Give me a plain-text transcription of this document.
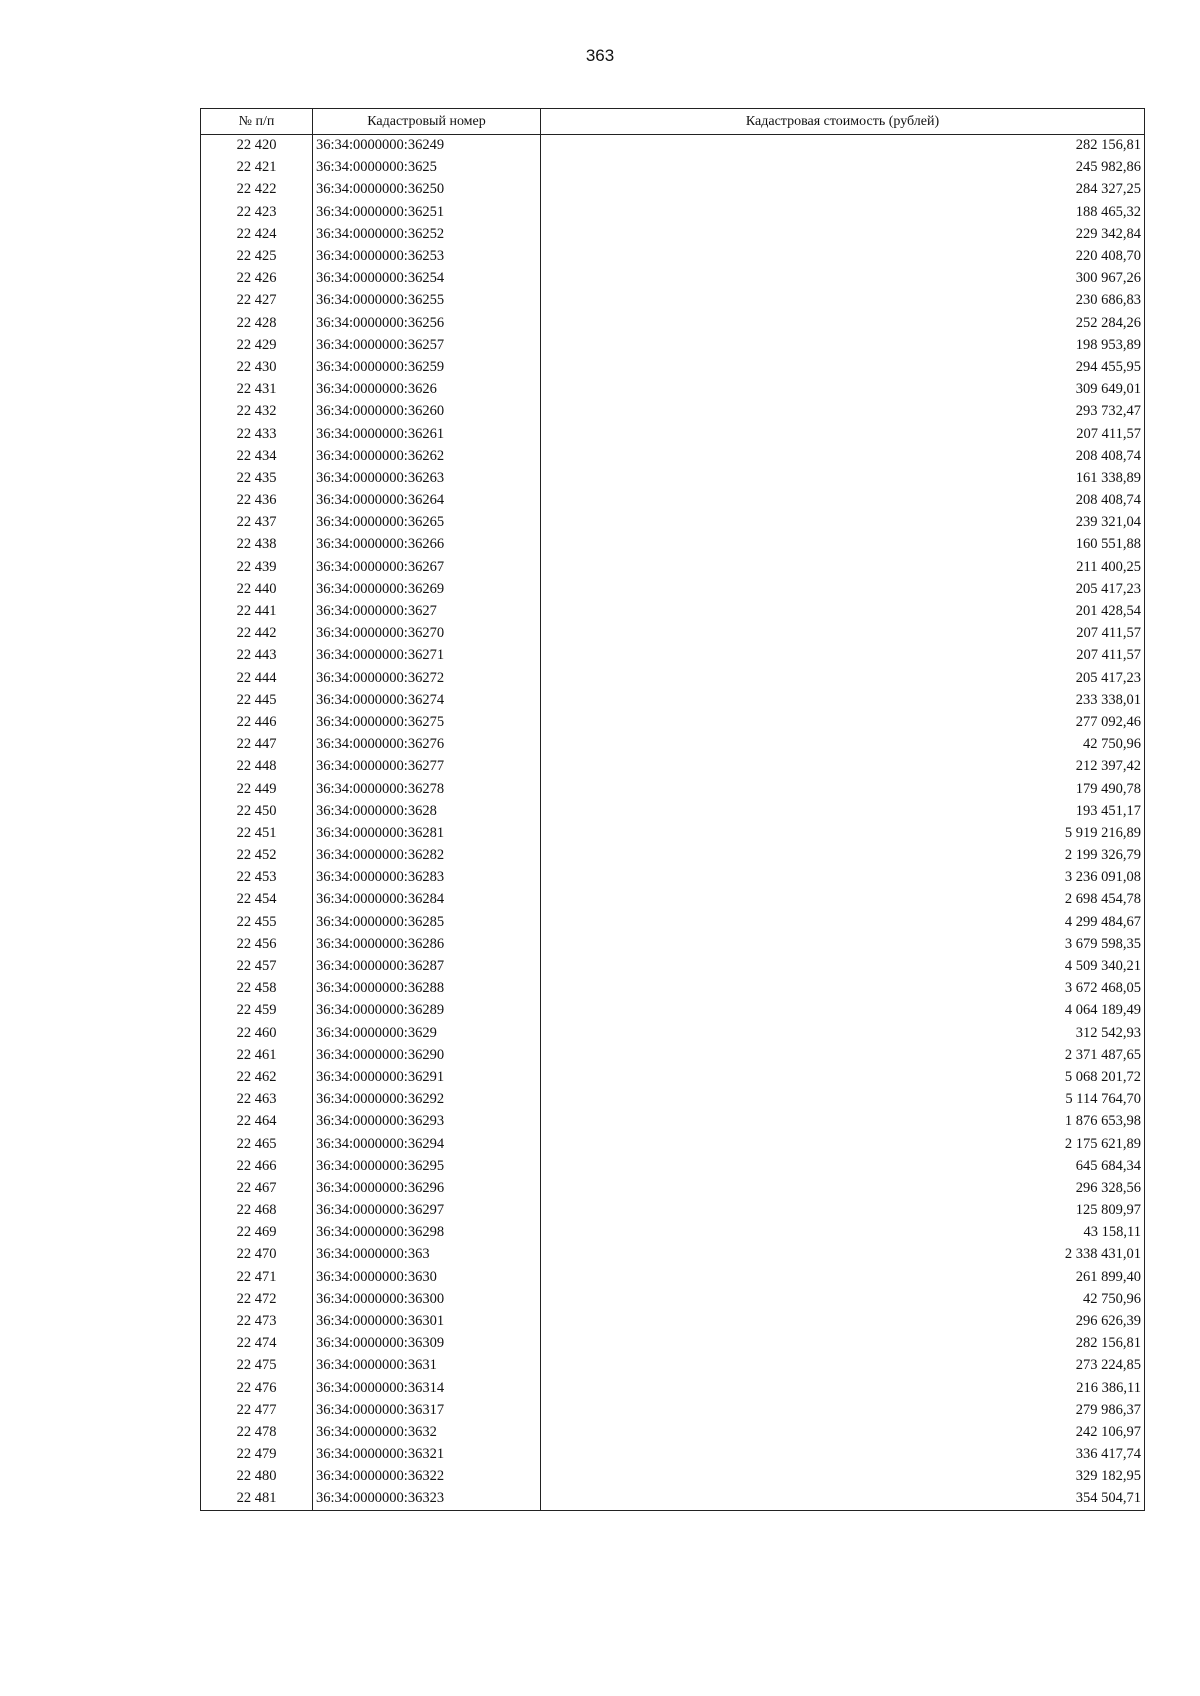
363
№ п/п	Кадастровый номер	Кадастровая стоимость (рублей)
22 420	36:34:0000000:36249	282 156,81
22 421	36:34:0000000:3625	245 982,86
22 422	36:34:0000000:36250	284 327,25
22 423	36:34:0000000:36251	188 465,32
22 424	36:34:0000000:36252	229 342,84
22 425	36:34:0000000:36253	220 408,70
22 426	36:34:0000000:36254	300 967,26
22 427	36:34:0000000:36255	230 686,83
22 428	36:34:0000000:36256	252 284,26
22 429	36:34:0000000:36257	198 953,89
22 430	36:34:0000000:36259	294 455,95
22 431	36:34:0000000:3626	309 649,01
22 432	36:34:0000000:36260	293 732,47
22 433	36:34:0000000:36261	207 411,57
22 434	36:34:0000000:36262	208 408,74
22 435	36:34:0000000:36263	161 338,89
22 436	36:34:0000000:36264	208 408,74
22 437	36:34:0000000:36265	239 321,04
22 438	36:34:0000000:36266	160 551,88
22 439	36:34:0000000:36267	211 400,25
22 440	36:34:0000000:36269	205 417,23
22 441	36:34:0000000:3627	201 428,54
22 442	36:34:0000000:36270	207 411,57
22 443	36:34:0000000:36271	207 411,57
22 444	36:34:0000000:36272	205 417,23
22 445	36:34:0000000:36274	233 338,01
22 446	36:34:0000000:36275	277 092,46
22 447	36:34:0000000:36276	42 750,96
22 448	36:34:0000000:36277	212 397,42
22 449	36:34:0000000:36278	179 490,78
22 450	36:34:0000000:3628	193 451,17
22 451	36:34:0000000:36281	5 919 216,89
22 452	36:34:0000000:36282	2 199 326,79
22 453	36:34:0000000:36283	3 236 091,08
22 454	36:34:0000000:36284	2 698 454,78
22 455	36:34:0000000:36285	4 299 484,67
22 456	36:34:0000000:36286	3 679 598,35
22 457	36:34:0000000:36287	4 509 340,21
22 458	36:34:0000000:36288	3 672 468,05
22 459	36:34:0000000:36289	4 064 189,49
22 460	36:34:0000000:3629	312 542,93
22 461	36:34:0000000:36290	2 371 487,65
22 462	36:34:0000000:36291	5 068 201,72
22 463	36:34:0000000:36292	5 114 764,70
22 464	36:34:0000000:36293	1 876 653,98
22 465	36:34:0000000:36294	2 175 621,89
22 466	36:34:0000000:36295	645 684,34
22 467	36:34:0000000:36296	296 328,56
22 468	36:34:0000000:36297	125 809,97
22 469	36:34:0000000:36298	43 158,11
22 470	36:34:0000000:363	2 338 431,01
22 471	36:34:0000000:3630	261 899,40
22 472	36:34:0000000:36300	42 750,96
22 473	36:34:0000000:36301	296 626,39
22 474	36:34:0000000:36309	282 156,81
22 475	36:34:0000000:3631	273 224,85
22 476	36:34:0000000:36314	216 386,11
22 477	36:34:0000000:36317	279 986,37
22 478	36:34:0000000:3632	242 106,97
22 479	36:34:0000000:36321	336 417,74
22 480	36:34:0000000:36322	329 182,95
22 481	36:34:0000000:36323	354 504,71
